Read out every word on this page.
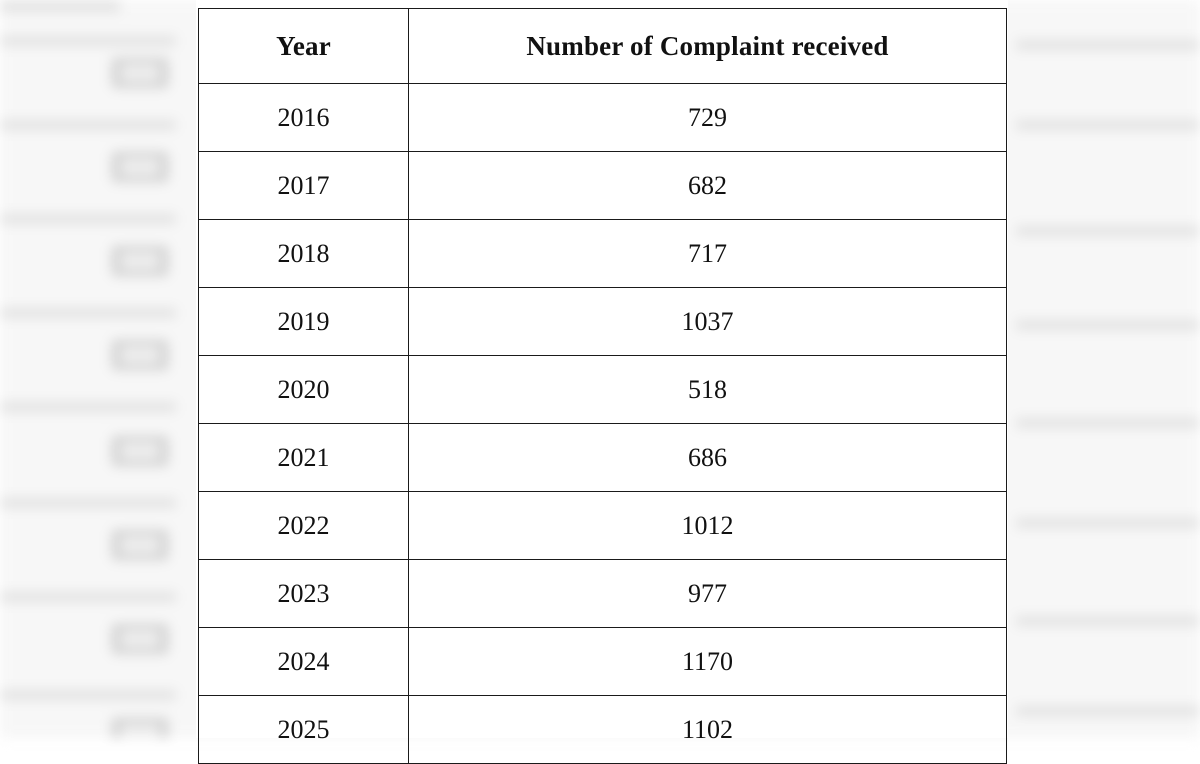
Year	Number of Complaint received
2016	729
2017	682
2018	717
2019	1037
2020	518
2021	686
2022	1012
2023	977
2024	1170
2025	1102
